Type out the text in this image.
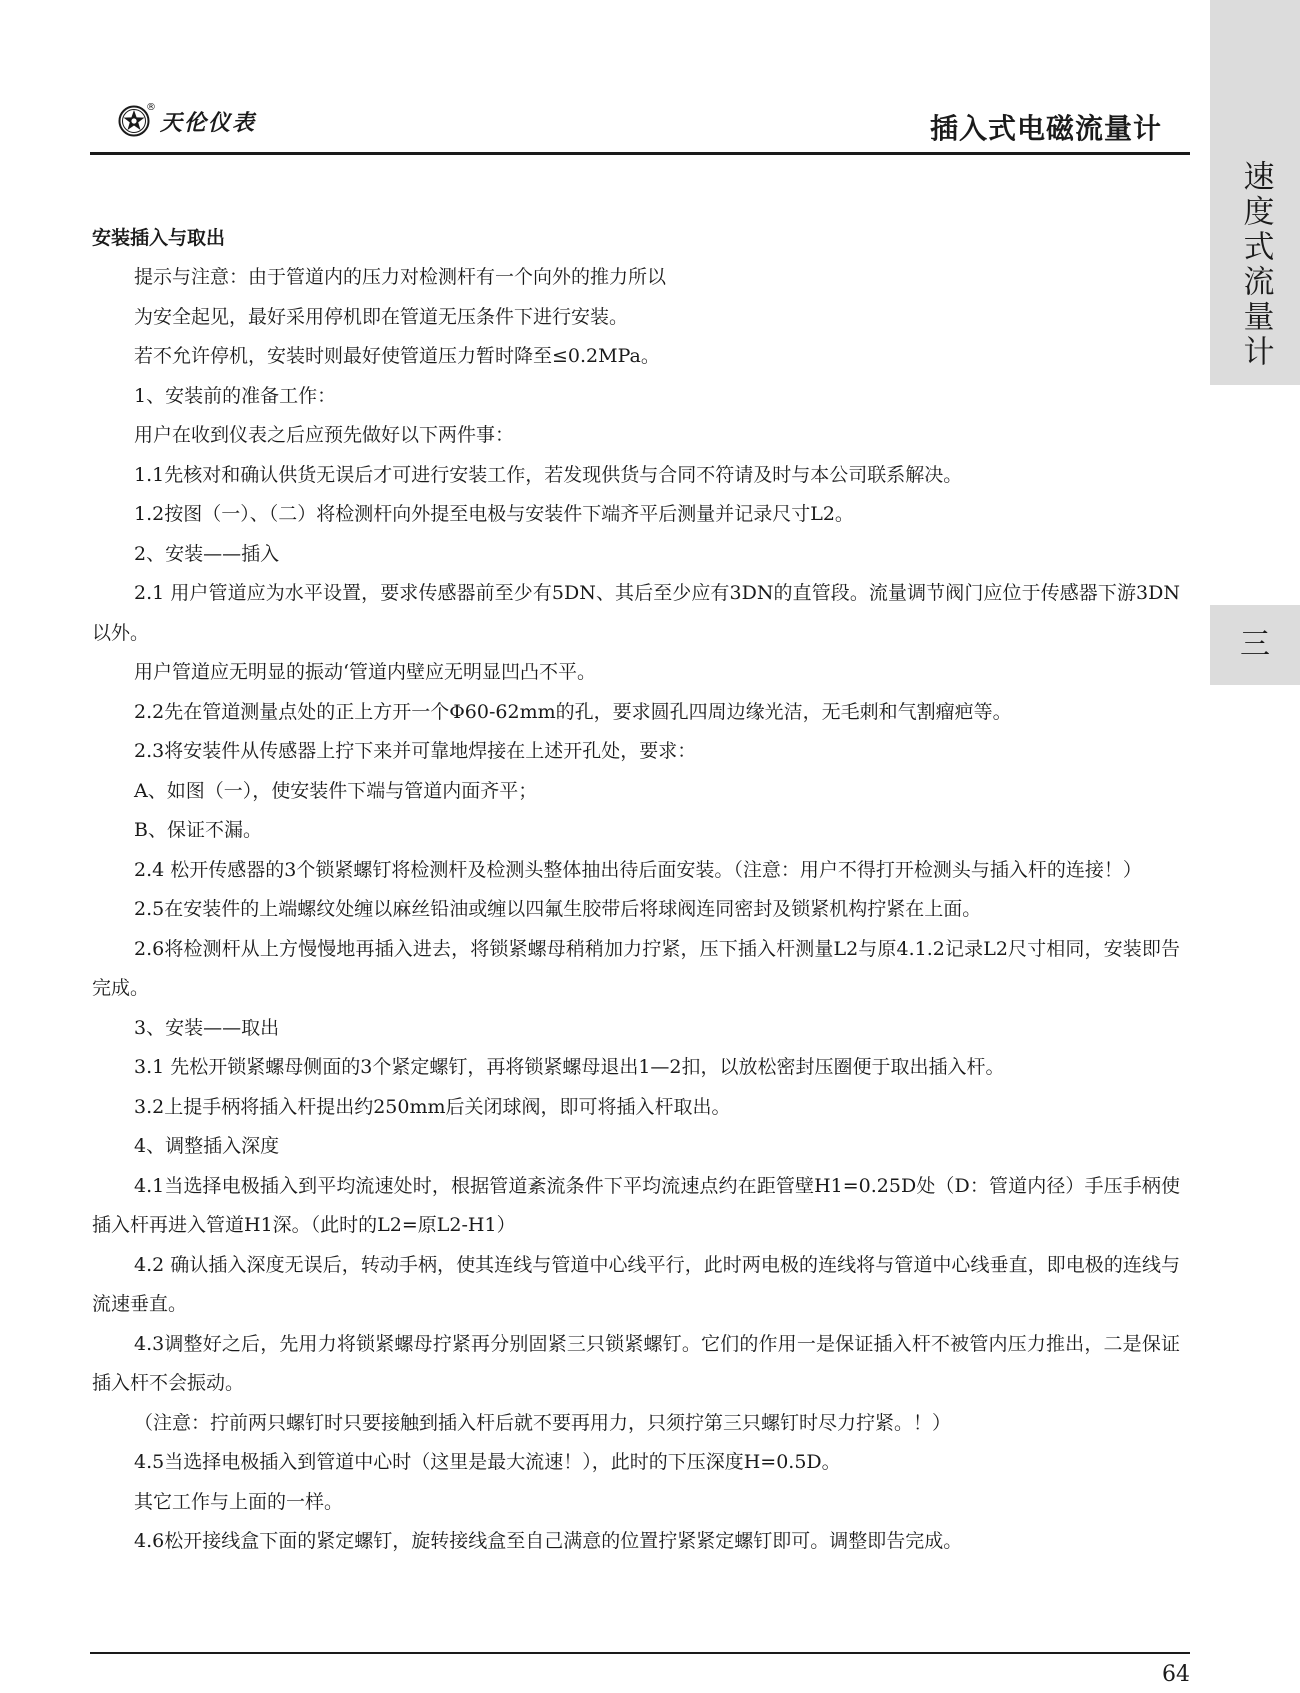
®
天伦仪表	插入式电磁流量计
速度式流量计
三
安装插入与取出

提示与注意：由于管道内的压力对检测杆有一个向外的推力所以

为安全起见，最好采用停机即在管道无压条件下进行安装。

若不允许停机，安装时则最好使管道压力暂时降至≤0.2MPa。

1、安装前的准备工作：

用户在收到仪表之后应预先做好以下两件事：

1.1先核对和确认供货无误后才可进行安装工作，若发现供货与合同不符请及时与本公司联系解决。

1.2按图（一）、（二）将检测杆向外提至电极与安装件下端齐平后测量并记录尺寸L2。

2、安装——插入

2.1 用户管道应为水平设置，要求传感器前至少有5DN、其后至少应有3DN的直管段。流量调节阀门应位于传感器下游3DN以外。

用户管道应无明显的振动‘管道内壁应无明显凹凸不平。

2.2先在管道测量点处的正上方开一个Φ60-62mm的孔，要求圆孔四周边缘光洁，无毛刺和气割瘤疤等。

2.3将安装件从传感器上拧下来并可靠地焊接在上述开孔处，要求：

A、如图（一），使安装件下端与管道内面齐平；

B、保证不漏。

2.4 松开传感器的3个锁紧螺钉将检测杆及检测头整体抽出待后面安装。（注意：用户不得打开检测头与插入杆的连接！）

2.5在安装件的上端螺纹处缠以麻丝铅油或缠以四氟生胶带后将球阀连同密封及锁紧机构拧紧在上面。

2.6将检测杆从上方慢慢地再插入进去，将锁紧螺母稍稍加力拧紧，压下插入杆测量L2与原4.1.2记录L2尺寸相同，安装即告完成。

3、安装——取出

3.1 先松开锁紧螺母侧面的3个紧定螺钉，再将锁紧螺母退出1—2扣，以放松密封压圈便于取出插入杆。

3.2上提手柄将插入杆提出约250mm后关闭球阀，即可将插入杆取出。

4、调整插入深度

4.1当选择电极插入到平均流速处时，根据管道紊流条件下平均流速点约在距管壁H1=0.25D处（D：管道内径）手压手柄使插入杆再进入管道H1深。（此时的L2=原L2-H1）

4.2 确认插入深度无误后，转动手柄，使其连线与管道中心线平行，此时两电极的连线将与管道中心线垂直，即电极的连线与流速垂直。

4.3调整好之后，先用力将锁紧螺母拧紧再分别固紧三只锁紧螺钉。它们的作用一是保证插入杆不被管内压力推出，二是保证插入杆不会振动。

（注意：拧前两只螺钉时只要接触到插入杆后就不要再用力，只须拧第三只螺钉时尽力拧紧。！）

4.5当选择电极插入到管道中心时（这里是最大流速！），此时的下压深度H=0.5D。

其它工作与上面的一样。

4.6松开接线盒下面的紧定螺钉，旋转接线盒至自己满意的位置拧紧紧定螺钉即可。调整即告完成。

64
